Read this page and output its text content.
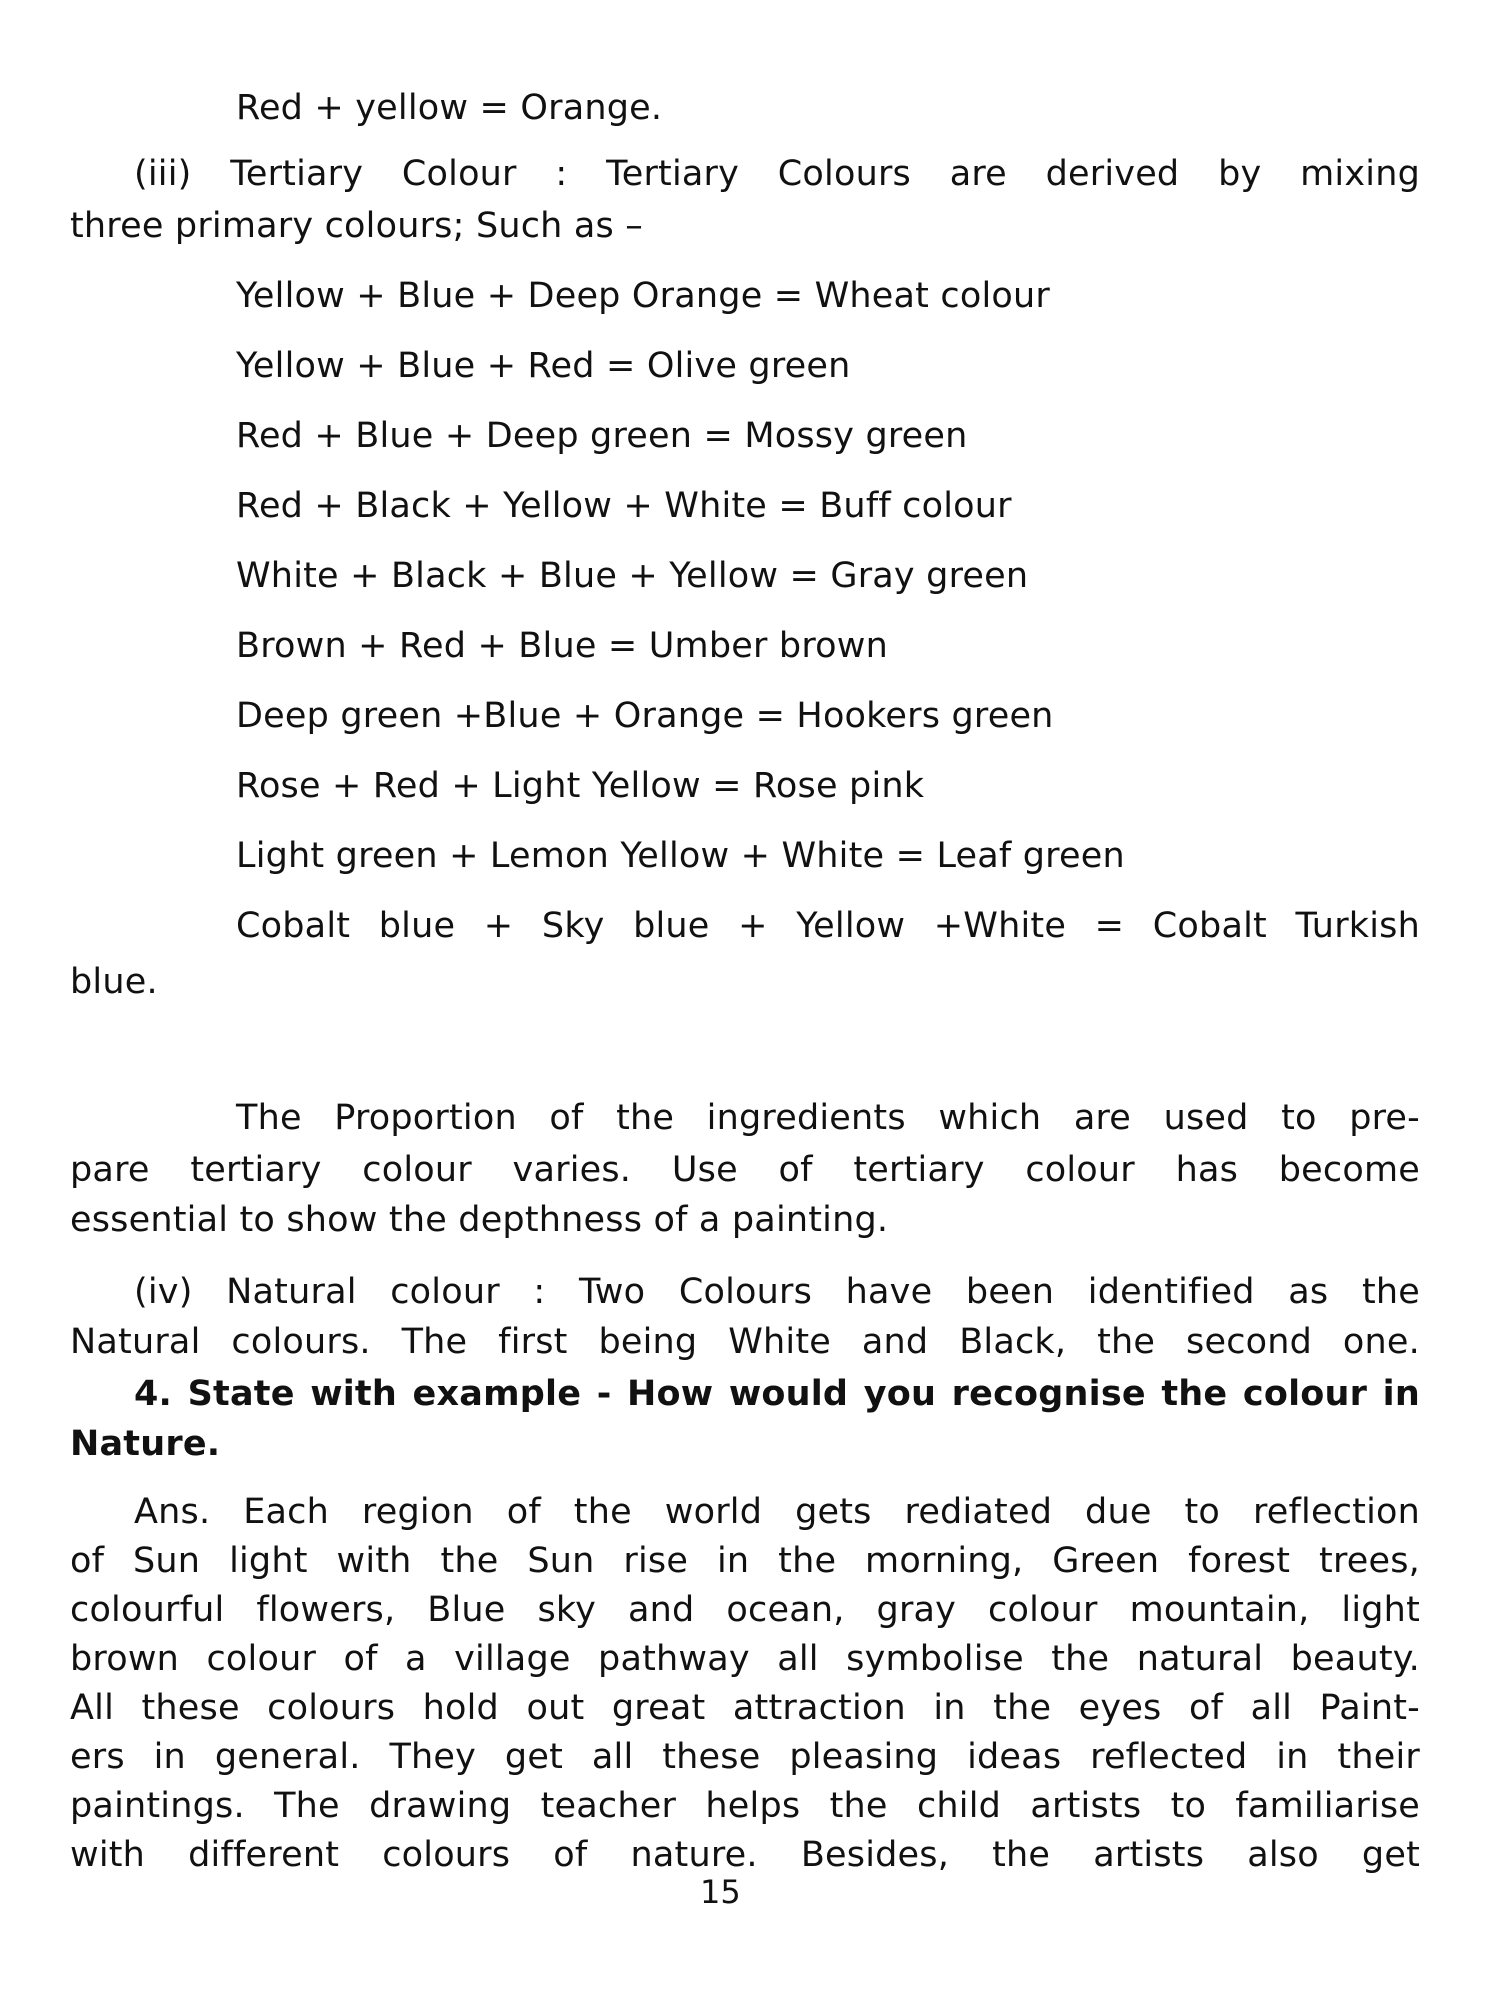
Red + yellow = Orange.
(iii) Tertiary Colour : Tertiary Colours are derived by mixing
three primary colours; Such as –
Yellow + Blue + Deep Orange = Wheat colour
Yellow + Blue + Red = Olive green
Red + Blue + Deep green = Mossy green
Red + Black + Yellow + White = Buff colour
White + Black + Blue + Yellow = Gray green
Brown + Red + Blue = Umber brown
Deep green +Blue + Orange = Hookers green
Rose + Red + Light Yellow = Rose pink
Light green + Lemon Yellow + White = Leaf green
Cobalt blue + Sky blue + Yellow +White = Cobalt Turkish
blue.
The Proportion of the ingredients which are used to pre-
pare tertiary colour varies. Use of tertiary colour has become
essential to show the depthness of a painting.
(iv) Natural colour : Two Colours have been identified as the
Natural colours. The first being White and Black, the second one.
4. State with example - How would you recognise the colour in
Nature.
Ans. Each region of the world gets rediated due to reflection
of Sun light with the Sun rise in the morning, Green forest trees,
colourful flowers, Blue sky and ocean, gray colour mountain, light
brown colour of a village pathway all symbolise the natural beauty.
All these colours hold out great attraction in the eyes of all Paint-
ers in general. They get all these pleasing ideas reflected in their
paintings. The drawing teacher helps the child artists to familiarise
with different colours of nature. Besides, the artists also get
15
